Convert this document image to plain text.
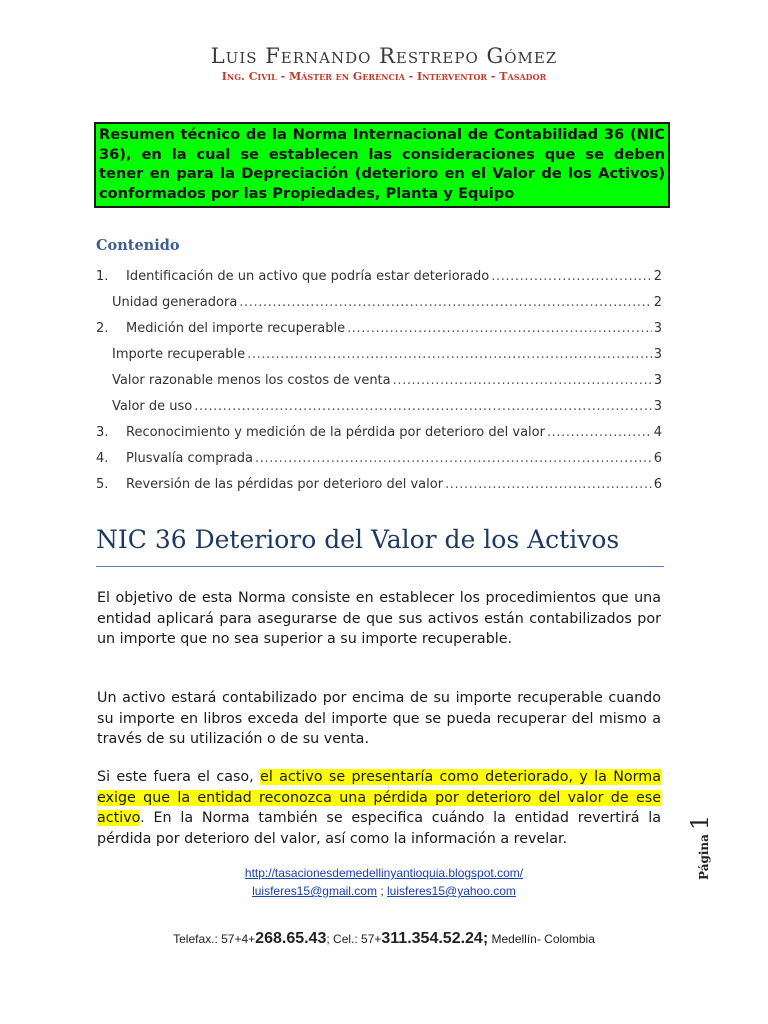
Luis Fernando Restrepo Gómez
Ing. Civil - Máster en Gerencia - Interventor - Tasador
Resumen técnico de la Norma Internacional de Contabilidad 36 (NIC 36), en la cual se establecen las consideraciones que se deben tener en para la Depreciación (deterioro en el Valor de los Activos) conformados por las Propiedades, Planta y Equipo
Contenido
1.	Identificación de un activo que podría estar deteriorado .....	2
Unidad generadora .....	2
2.	Medición del importe recuperable .....	3
Importe recuperable .....	3
Valor razonable menos los costos de venta .....	3
Valor de uso .....	3
3.	Reconocimiento y medición de la pérdida por deterioro del valor .....	4
4.	Plusvalía comprada .....	6
5.	Reversión de las pérdidas por deterioro del valor .....	6
NIC 36 Deterioro del Valor de los Activos
El objetivo de esta Norma consiste en establecer los procedimientos que una entidad aplicará para asegurarse de que sus activos están contabilizados por un importe que no sea superior a su importe recuperable.
Un activo estará contabilizado por encima de su importe recuperable cuando su importe en libros exceda del importe que se pueda recuperar del mismo a través de su utilización o de su venta.
Si este fuera el caso, el activo se presentaría como deteriorado, y la Norma exige que la entidad reconozca una pérdida por deterioro del valor de ese activo. En la Norma también se especifica cuándo la entidad revertirá la pérdida por deterioro del valor, así como la información a revelar.	Página1
http://tasacionesdemedellinyantioquia.blogspot.com/
luisferes15@gmail.com ; luisferes15@yahoo.com
Telefax.: 57+4+268.65.43; Cel.: 57+311.354.52.24; Medellín- Colombia
